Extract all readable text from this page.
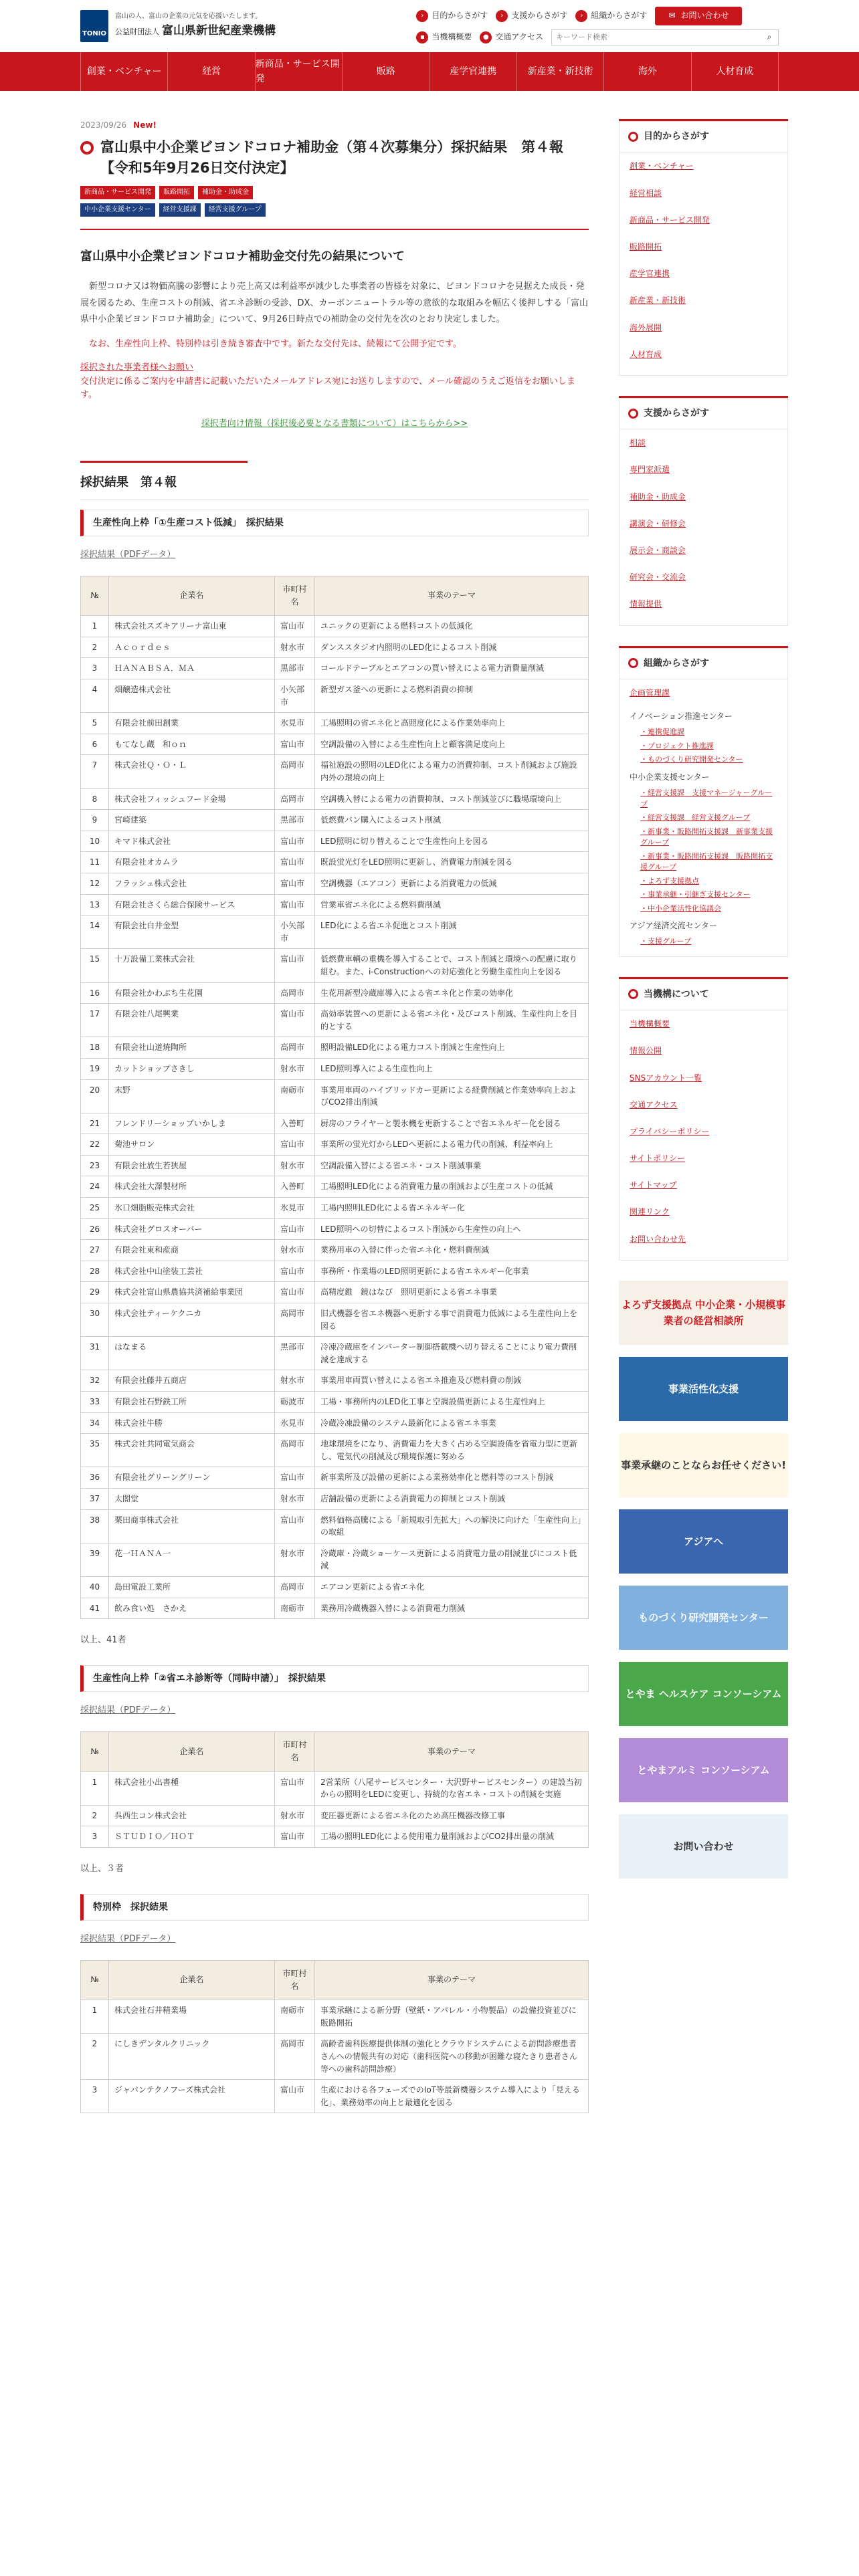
TONIO
富山の人、富山の企業の元気を応援いたします。
公益財団法人 富山県新世紀産業機構
›	目的からさがす	›	支援からさがす	›	組織からさがす	✉ お問い合わせ
▪ 当機構概要	● 交通アクセス
キーワード検索	⌕
創業・ベンチャー	経営
新商品・サービス開発
販路	産学官連携	新産業・新技術	海外	人材育成
2023/09/26 New!
富山県中小企業ビヨンドコロナ補助金（第４次募集分）採択結果　第４報【令和5年9月26日交付決定】
新商品・サービス開発	販路開拓	補助金・助成金
中小企業支援センター	経営支援課	経営支援グループ
富山県中小企業ビヨンドコロナ補助金交付先の結果について

　新型コロナ又は物価高騰の影響により売上高又は利益率が減少した事業者の皆様を対象に、ビヨンドコロナを見据えた成長・発展を図るため、生産コストの削減、省エネ診断の受診、DX、カーボンニュートラル等の意欲的な取組みを幅広く後押しする「富山県中小企業ビヨンドコロナ補助金」について、9月26日時点での補助金の交付先を次のとおり決定しました。

　なお、生産性向上枠、特別枠は引き続き審査中です。新たな交付先は、続報にて公開予定です。

採択された事業者様へお願い
交付決定に係るご案内を申請書に記載いただいたメールアドレス宛にお送りしますので、メール確認のうえご返信をお願いします。
採択者向け情報（採択後必要となる書類について）はこちらから>>
採択結果　第４報
生産性向上枠「①生産コスト低減」　採択結果
採択結果（PDFデータ）
№	企業名	市町村名	事業のテーマ
1	株式会社スズキアリーナ富山東	富山市	ユニックの更新による燃料コストの低減化
2	Ａｃｏｒｄｅｓ	射水市	ダンススタジオ内照明のLED化によるコスト削減
3	ＨＡＮＡＢＳＡ．ＭＡ	黒部市	コールドテーブルとエアコンの買い替えによる電力消費量削減
4	畑醸造株式会社	小矢部市	新型ガス釜への更新による燃料消費の抑制
5	有限会社前田創業	氷見市	工場照明の省エネ化と高照度化による作業効率向上
6	もてなし蔵　和ｏｎ	富山市	空調設備の入替による生産性向上と顧客満足度向上
7	株式会社Ｑ・Ｏ・Ｌ	高岡市	福祉施設の照明のLED化による電力の消費抑制、コスト削減および施設内外の環境の向上
8	株式会社フィッシュフード金場	高岡市	空調機入替による電力の消費抑制、コスト削減並びに職場環境向上
9	宮崎建築	黒部市	低燃費バン購入によるコスト削減
10	キマド株式会社	富山市	LED照明に切り替えることで生産性向上を図る
11	有限会社オカムラ	富山市	既設蛍光灯をLED照明に更新し、消費電力削減を図る
12	フラッシュ株式会社	富山市	空調機器（エアコン）更新による消費電力の低減
13	有限会社さくら総合保険サービス	富山市	営業車省エネ化による燃料費削減
14	有限会社白井金型	小矢部市	LED化による省エネ促進とコスト削減
15	十万設備工業株式会社	富山市	低燃費車輌の重機を導入することで、コスト削減と環境への配慮に取り組む。また、i-Constructionへの対応強化と労働生産性向上を図る
16	有限会社かわぶち生花園	高岡市	生花用新型冷蔵庫導入による省エネ化と作業の効率化
17	有限会社八尾興業	富山市	高効率装置への更新による省エネ化・及びコスト削減、生産性向上を目的とする
18	有限会社山道焼陶所	高岡市	照明設備LED化による電力コスト削減と生産性向上
19	カットショップさきし	射水市	LED照明導入による生産性向上
20	末野	南砺市	事業用車両のハイブリッドカー更新による経費削減と作業効率向上およびCO2排出削減
21	フレンドリーショップいかしま	入善町	厨房のフライヤーと製氷機を更新することで省エネルギー化を図る
22	菊池サロン	富山市	事業所の蛍光灯からLEDへ更新による電力代の削減、利益率向上
23	有限会社放生若狭屋	射水市	空調設備入替による省エネ・コスト削減事業
24	株式会社大澤製材所	入善町	工場照明LED化による消費電力量の削減および生産コストの低減
25	氷口畑脂販売株式会社	氷見市	工場内照明LED化による省エネルギー化
26	株式会社グロスオーバー	富山市	LED照明への切替によるコスト削減から生産性の向上へ
27	有限会社東和産商	射水市	業務用車の入替に伴った省エネ化・燃料費削減
28	株式会社中山塗装工芸社	富山市	事務所・作業場のLED照明更新による省エネルギー化事業
29	株式会社富山県農協共済補給事業団	富山市	高精度錐　鏡はなび　照明更新による省エネ事業
30	株式会社ティーケクニカ	高岡市	旧式機器を省エネ機器へ更新する事で消費電力低減による生産性向上を図る
31	はなまる	黒部市	冷凍冷蔵庫をインバーター制御搭載機へ切り替えることにより電力費削減を達成する
32	有限会社藤井五商店	射水市	事業用車両買い替えによる省エネ推進及び燃料費の削減
33	有限会社石野鉄工所	砺波市	工場・事務所内のLED化工事と空調設備更新による生産性向上
34	株式会社牛勝	氷見市	冷蔵冷凍設備のシステム最新化による省エネ事業
35	株式会社共同電気商会	高岡市	地球環境をになり、消費電力を大きく占める空調設備を省電力型に更新し、電気代の削減及び環境保護に努める
36	有限会社グリーングリーン	富山市	新事業所及び設備の更新による業務効率化と燃料等のコスト削減
37	太閤堂	射水市	店舗設備の更新による消費電力の抑制とコスト削減
38	栗田商事株式会社	富山市	燃料価格高騰による「新規取引先拡大」への解決に向けた「生産性向上」の取組
39	花一ＨＡＮＡ一	射水市	冷蔵庫・冷蔵ショーケース更新による消費電力量の削減並びにコスト低減
40	島田電設工業所	高岡市	エアコン更新による省エネ化
41	飲み食い処　さかえ	南砺市	業務用冷蔵機器入替による消費電力削減

以上、41者

生産性向上枠「②省エネ診断等（同時申請）」　採択結果
採択結果（PDFデータ）
№	企業名	市町村名	事業のテーマ
1	株式会社小出書種	富山市	2営業所（八尾サービスセンター・大沢野サービスセンター）の建設当初からの照明をLEDに変更し、持続的な省エネ・コストの削減を実施
2	呉西生コン株式会社	射水市	変圧器更新による省エネ化のため高圧機器改修工事
3	ＳＴＵＤＩＯ／ＨＯＴ	富山市	工場の照明LED化による使用電力量削減およびCO2排出量の削減

以上、３者

特別枠　採択結果
採択結果（PDFデータ）
№	企業名	市町村名	事業のテーマ
1	株式会社石井精業場	南砺市	事業承継による新分野（壁紙・アパレル・小物製品）の設備投資並びに販路開拓
2	にしきデンタルクリニック	高岡市	高齢者歯科医療提供体制の強化とクラウドシステムによる訪問診療患者さんへの情報共有の対応（歯科医院への移動が困難な寝たきり患者さん等への歯科訪問診療）
3	ジャパンテクノフーズ株式会社	富山市	生産における各フェーズでのIoT等最新機器システム導入により「見える化」、業務効率の向上と最適化を図る
目的からさがす
創業・ベンチャー
経営相談
新商品・サービス開発
販路開拓
産学官連携
新産業・新技術
海外展開
人材育成
支援からさがす
相談
専門家派遣
補助金・助成金
講演会・研修会
展示会・商談会
研究会・交流会
情報提供
組織からさがす
企画管理課
イノベーション推進センター
・連携促進課
・プロジェクト推進課
・ものづくり研究開発センター
中小企業支援センター
・経営支援課　支援マネージャーグループ
・経営支援課　経営支援グループ
・新事業・販路開拓支援課　新事業支援グループ
・新事業・販路開拓支援課　販路開拓支援グループ
・よろず支援拠点
・事業承継・引継ぎ支援センター
・中小企業活性化協議会
アジア経済交流センター
・支援グループ
当機構について
当機構概要
情報公開
SNSアカウント一覧
交通アクセス
プライバシーポリシー
サイトポリシー
サイトマップ
関連リンク
お問い合わせ先
よろず支援拠点 中小企業・小規模事業者の経営相談所
事業活性化支援
事業承継のことならお任せください!
アジアへ
ものづくり研究開発センター
とやま ヘルスケア コンソーシアム
とやまアルミ コンソーシアム
お問い合わせ
